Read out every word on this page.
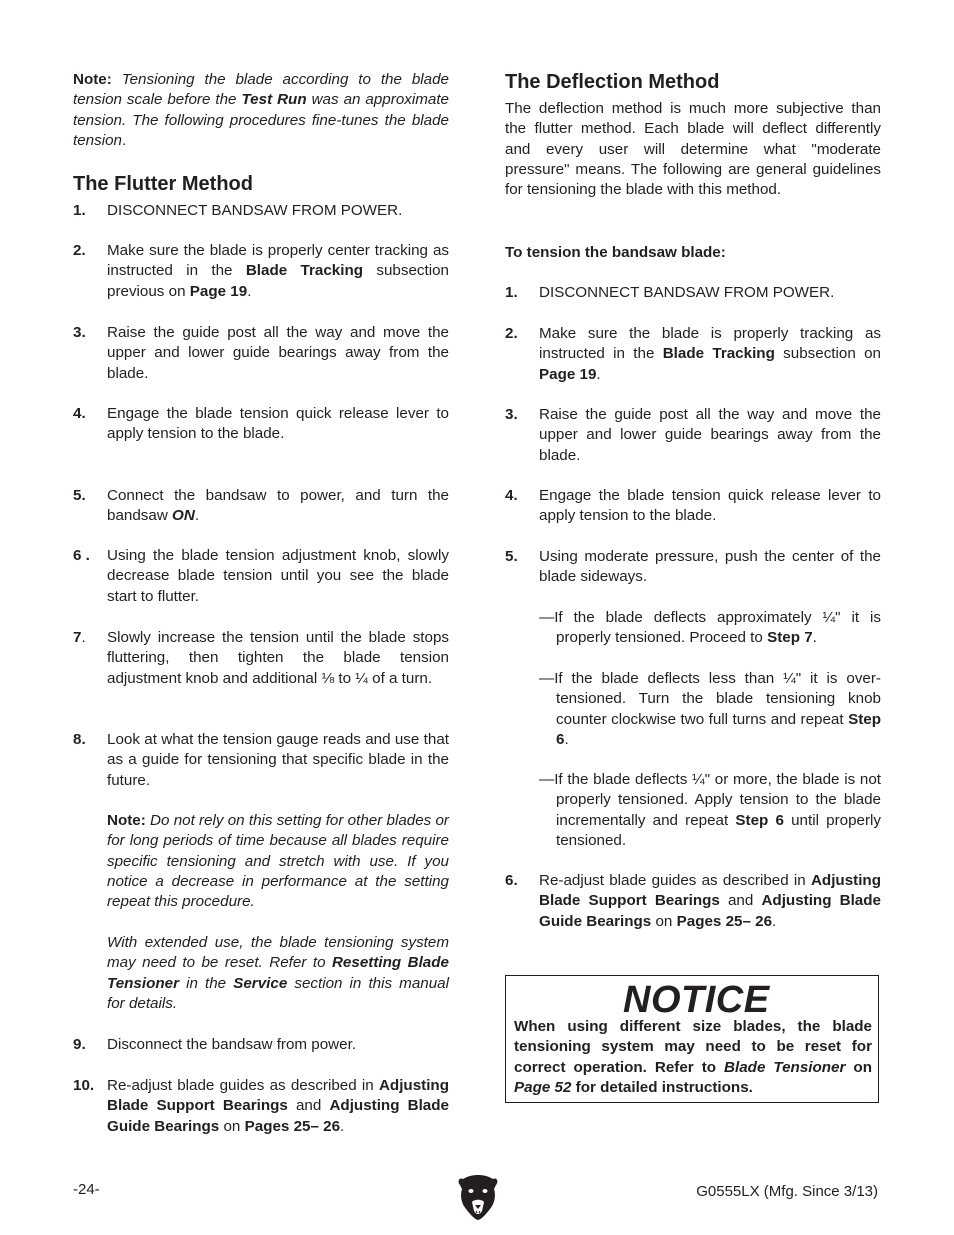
Note: Tensioning the blade according to the blade tension scale before the Test Run was an approximate tension. The following procedures fine-tunes the blade tension.

The Flutter Method
1.	DISCONNECT BANDSAW FROM POWER.

2.	Make sure the blade is properly center tracking as instructed in the Blade Tracking subsection previous on Page 19.

3.	Raise the guide post all the way and move the upper and lower guide bearings away from the blade.

4.	Engage the blade tension quick release lever to apply tension to the blade.

5.	Connect the bandsaw to power, and turn the bandsaw ON.

6 .	Using the blade tension adjustment knob, slowly decrease blade tension until you see the blade start to flutter.

7.	Slowly increase the tension until the blade stops fluttering, then tighten the blade tension adjustment knob and additional ⅛ to ¼ of a turn.

8.	Look at what the tension gauge reads and use that as a guide for tensioning that specific blade in the future.

Note: Do not rely on this setting for other blades or for long periods of time because all blades require specific tensioning and stretch with use. If you notice a decrease in performance at the setting repeat this procedure.

With extended use, the blade tensioning system may need to be reset. Refer to Resetting Blade Tensioner in the Service section in this manual for details.

9.	Disconnect the bandsaw from power.

10. Re-adjust blade guides as described in Adjusting Blade Support Bearings and Adjusting Blade Guide Bearings on Pages 25– 26.

The Deflection Method

The deflection method is much more subjective than the flutter method. Each blade will deflect differently and every user will determine what "moderate pressure" means. The following are general guidelines for tensioning the blade with this method.

To tension the bandsaw blade:

1.	DISCONNECT BANDSAW FROM POWER.

2.	Make sure the blade is properly tracking as instructed in the Blade Tracking subsection on Page 19.

3.	Raise the guide post all the way and move the upper and lower guide bearings away from the blade.

4.	Engage the blade tension quick release lever to apply tension to the blade.

5.	Using moderate pressure, push the center of the blade sideways.

—If the blade deflects approximately ¼" it is properly tensioned. Proceed to Step 7.

—If the blade deflects less than ¼" it is over-tensioned. Turn the blade tensioning knob counter clockwise two full turns and repeat Step 6.

—If the blade deflects ¼" or more, the blade is not properly tensioned. Apply tension to the blade incrementally and repeat Step 6 until properly tensioned.

6.	Re-adjust blade guides as described in Adjusting Blade Support Bearings and Adjusting Blade Guide Bearings on Pages 25– 26.

NOTICE

When using different size blades, the blade tensioning system may need to be reset for correct operation. Refer to Blade Tensioner on Page 52 for detailed instructions.

-24-	G0555LX (Mfg. Since 3/13)
